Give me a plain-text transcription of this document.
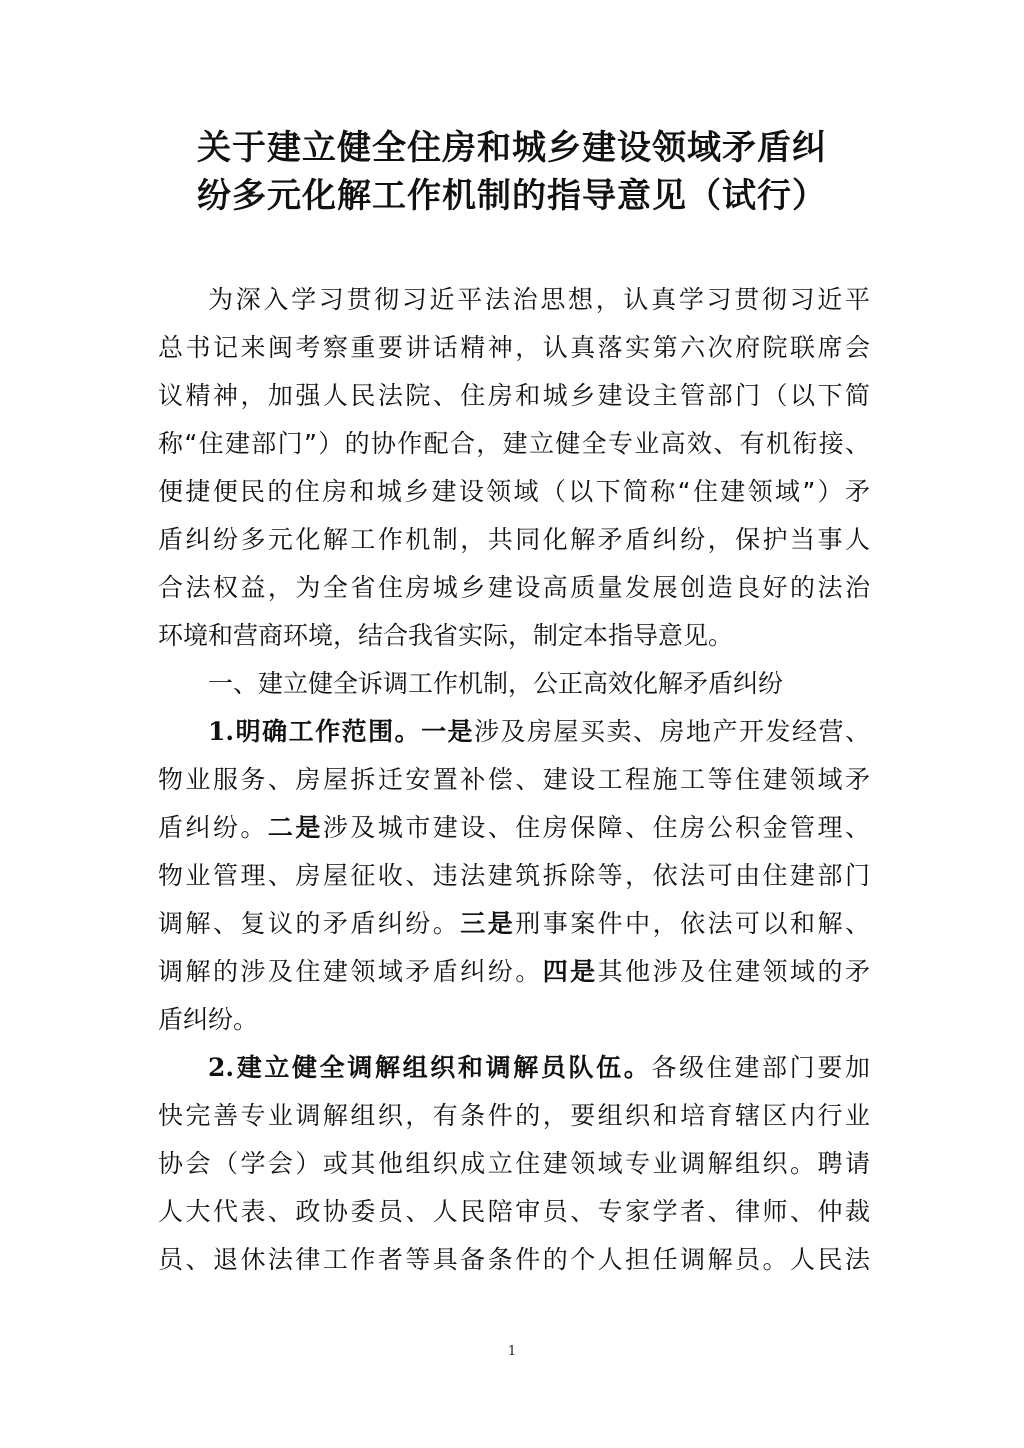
关于建立健全住房和城乡建设领域矛盾纠
纷多元化解工作机制的指导意见（试行）
为深入学习贯彻习近平法治思想，认真学习贯彻习近平
总书记来闽考察重要讲话精神，认真落实第六次府院联席会
议精神，加强人民法院、住房和城乡建设主管部门（以下简
称“住建部门”）的协作配合，建立健全专业高效、有机衔接、
便捷便民的住房和城乡建设领域（以下简称“住建领域”）矛
盾纠纷多元化解工作机制，共同化解矛盾纠纷，保护当事人
合法权益，为全省住房城乡建设高质量发展创造良好的法治
环境和营商环境，结合我省实际，制定本指导意见。
一、建立健全诉调工作机制，公正高效化解矛盾纠纷
1.明确工作范围。一是涉及房屋买卖、房地产开发经营、
物业服务、房屋拆迁安置补偿、建设工程施工等住建领域矛
盾纠纷。二是涉及城市建设、住房保障、住房公积金管理、
物业管理、房屋征收、违法建筑拆除等，依法可由住建部门
调解、复议的矛盾纠纷。三是刑事案件中，依法可以和解、
调解的涉及住建领域矛盾纠纷。四是其他涉及住建领域的矛
盾纠纷。
2.建立健全调解组织和调解员队伍。各级住建部门要加
快完善专业调解组织，有条件的，要组织和培育辖区内行业
协会（学会）或其他组织成立住建领域专业调解组织。聘请
人大代表、政协委员、人民陪审员、专家学者、律师、仲裁
员、退休法律工作者等具备条件的个人担任调解员。人民法
1
